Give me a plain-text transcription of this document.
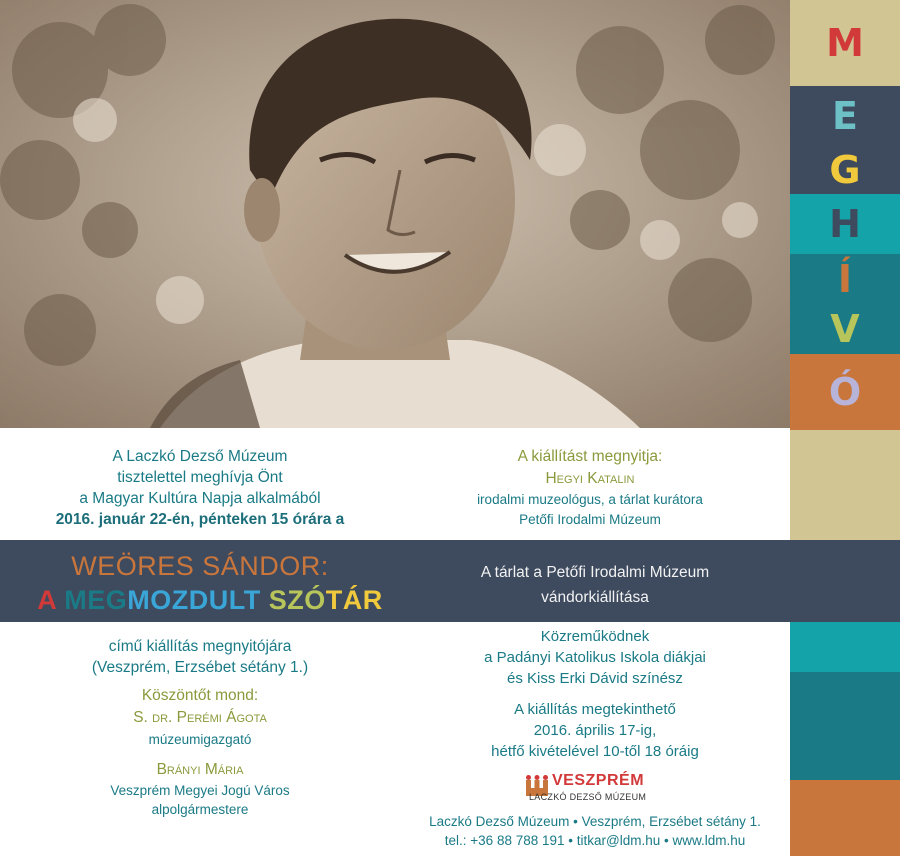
M
E
G
H
Í
V
Ó
A Laczkó Dezső Múzeum
tisztelettel meghívja Önt
a Magyar Kultúra Napja alkalmából
2016. január 22-én, pénteken 15 órára a
A kiállítást megnyitja:
Hegyi Katalin
irodalmi muzeológus, a tárlat kurátora
Petőfi Irodalmi Múzeum
WEÖRES SÁNDOR:
A MEGMOZDULT SZÓTÁR
A tárlat a Petőfi Irodalmi Múzeum
vándorkiállítása
című kiállítás megnyitójára
(Veszprém, Erzsébet sétány 1.)
Köszöntőt mond:
S. dr. Perémi Ágota
múzeumigazgató
Brányi Mária
Veszprém Megyei Jogú Város
alpolgármestere
Közreműködnek
a Padányi Katolikus Iskola diákjai
és Kiss Erki Dávid színész
A kiállítás megtekinthető
2016. április 17-ig,
hétfő kivételével 10-től 18 óráig
VESZPRÉM
LACZKÓ DEZSŐ MÚZEUM
Laczkó Dezső Múzeum • Veszprém, Erzsébet sétány 1.
tel.: +36 88 788 191 • titkar@ldm.hu • www.ldm.hu
